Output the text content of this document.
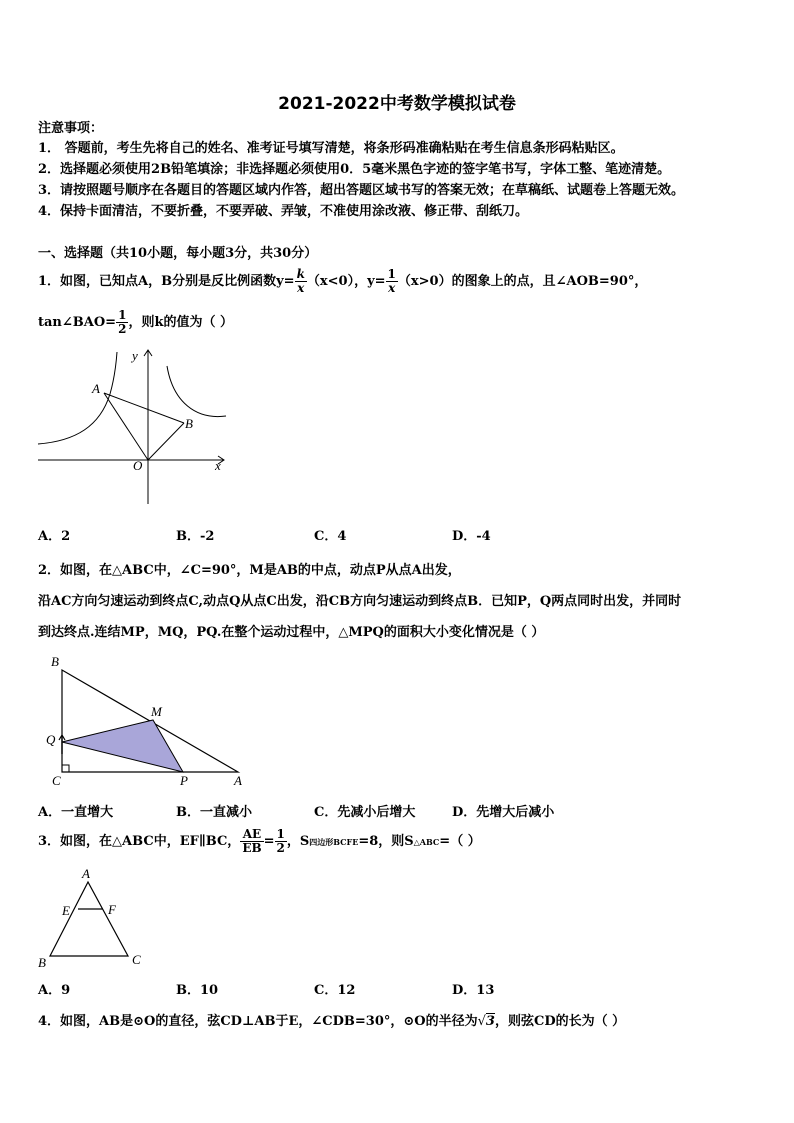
2021-2022中考数学模拟试卷
注意事项：
1． 答题前，考生先将自己的姓名、准考证号填写清楚，将条形码准确粘贴在考生信息条形码粘贴区。
2．选择题必须使用2B铅笔填涂；非选择题必须使用0．5毫米黑色字迹的签字笔书写，字体工整、笔迹清楚。
3．请按照题号顺序在各题目的答题区域内作答，超出答题区域书写的答案无效；在草稿纸、试题卷上答题无效。
4．保持卡面清洁，不要折叠，不要弄破、弄皱，不准使用涂改液、修正带、刮纸刀。
一、选择题（共10小题，每小题3分，共30分）
1．如图，已知点A，B分别是反比例函数$y= \frac{k}{x} (x<0)$，$y= \frac{1}{x} (x>0)$的图象上的点，且∠AOB=90°，
tan∠BAO= $\frac{1}{2}$ ，则k的值为（ ）
y
x
A
B
O
A．2	B．-2	C．4	D．-4
2．如图，在△ABC中，∠C=90°，M是AB的中点，动点P从点A出发，
沿AC方向匀速运动到终点C,动点Q从点C出发，沿CB方向匀速运动到终点B．已知P，Q两点同时出发，并同时
到达终点.连结MP，MQ，PQ.在整个运动过程中，△MPQ的面积大小变化情况是（ ）
B
M
Q
C	P	A
A．一直增大	B．一直减小	C．先减小后增大	D．先增大后减小
3．如图，在△ABC中，EF∥BC， $\frac{AE}{EB} = \frac{1}{2}$ ，S四边形BCFE=8，则S△ABC=（ ）
A
E	F
B	C
A．9	B．10	C．12	D．13
4．如图，AB是⊙O的直径，弦CD⊥AB于E，∠CDB=30°，⊙O的半径为√3，则弦CD的长为（ ）
